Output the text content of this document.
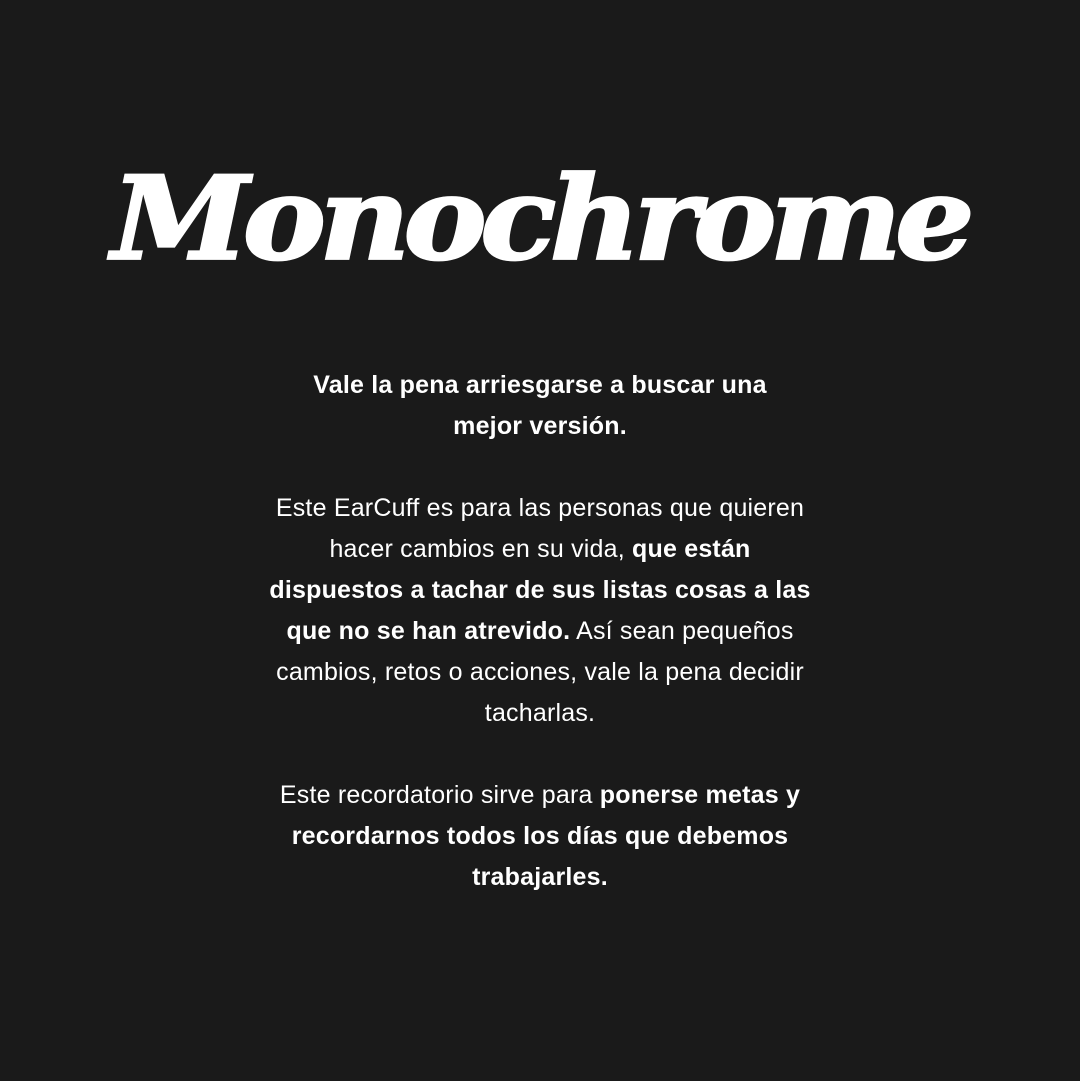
Monochrome

Vale la pena arriesgarse a buscar una mejor versión.

Este EarCuff es para las personas que quieren hacer cambios en su vida, que están dispuestos a tachar de sus listas cosas a las que no se han atrevido. Así sean pequeños cambios, retos o acciones, vale la pena decidir tacharlas.

Este recordatorio sirve para ponerse metas y recordarnos todos los días que debemos trabajarles.
